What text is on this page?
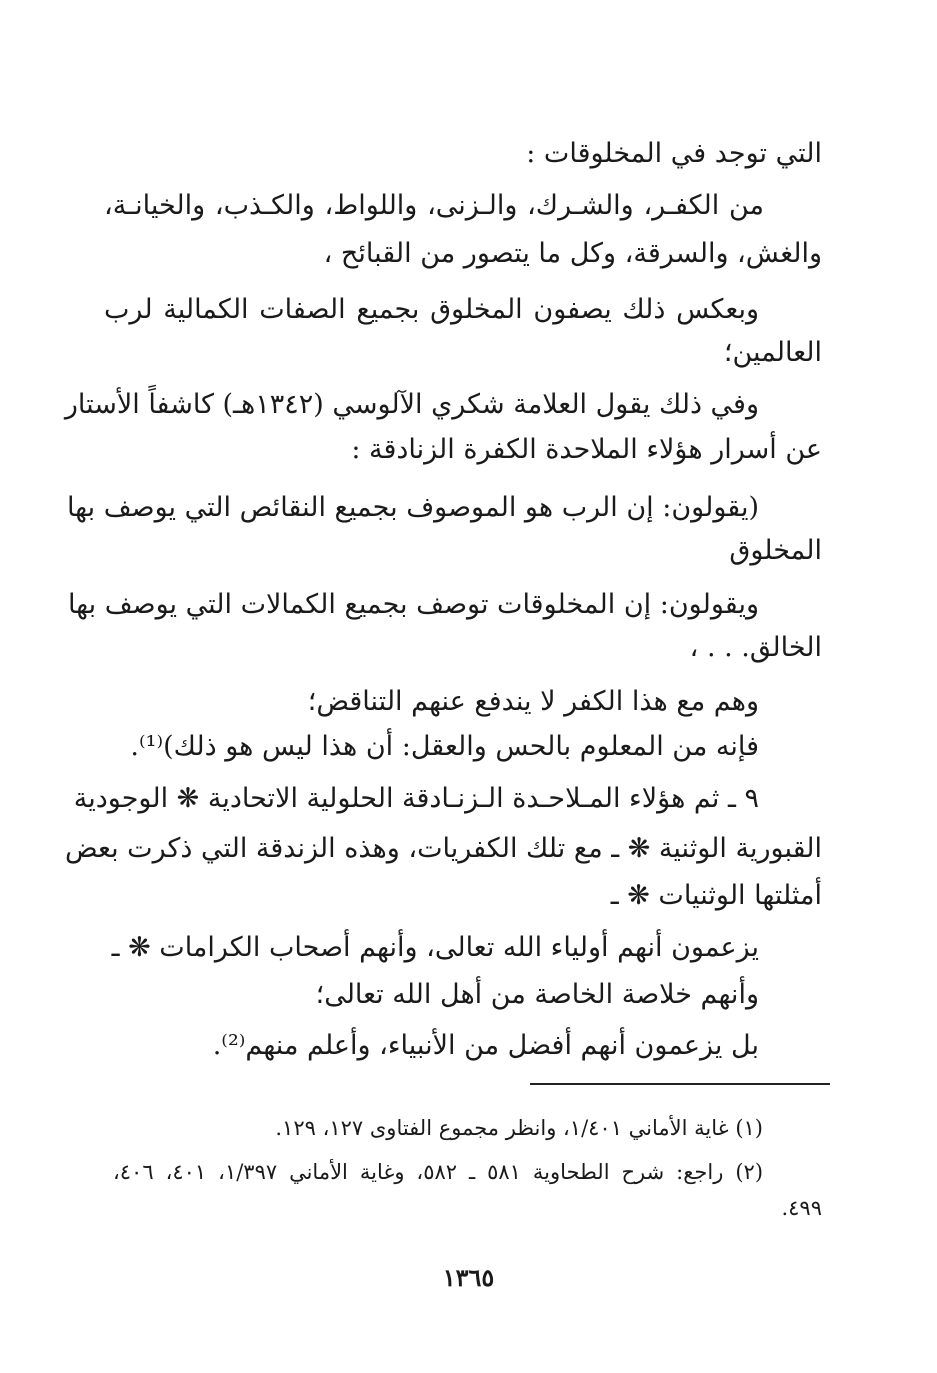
التي توجد في المخلوقات :
من الكفـر، والشـرك، والـزنى، واللواط، والكـذب، والخيانـة،
والغش، والسرقة، وكل ما يتصور من القبائح ،
وبعكس ذلك يصفون المخلوق بجميع الصفات الكمالية لرب
العالمين؛
وفي ذلك يقول العلامة شكري الآلوسي (١٣٤٢هـ) كاشفاً الأستار
عن أسرار هؤلاء الملاحدة الكفرة الزنادقة :
(يقولون: إن الرب هو الموصوف بجميع النقائص التي يوصف بها
المخلوق
ويقولون: إن المخلوقات توصف بجميع الكمالات التي يوصف بها
الخالق. . . ،
وهم مع هذا الكفر لا يندفع عنهم التناقض؛
فإنه من المعلوم بالحس والعقل: أن هذا ليس هو ذلك)⁽¹⁾.
٩ ـ ثم هؤلاء المـلاحـدة الـزنـادقة الحلولية الاتحادية ❋ الوجودية
القبورية الوثنية ❋ ـ مع تلك الكفريات، وهذه الزندقة التي ذكرت بعض
أمثلتها الوثنيات ❋ ـ
يزعمون أنهم أولياء الله تعالى، وأنهم أصحاب الكرامات ❋ ـ
وأنهم خلاصة الخاصة من أهل الله تعالى؛
بل يزعمون أنهم أفضل من الأنبياء، وأعلم منهم⁽²⁾.
(١) غاية الأماني ١/٤٠١، وانظر مجموع الفتاوى ١٢٧، ١٢٩.
(٢) راجع: شرح الطحاوية ٥٨١ ـ ٥٨٢، وغاية الأماني ١/٣٩٧، ٤٠١، ٤٠٦،
٤٩٩.
١٣٦٥
